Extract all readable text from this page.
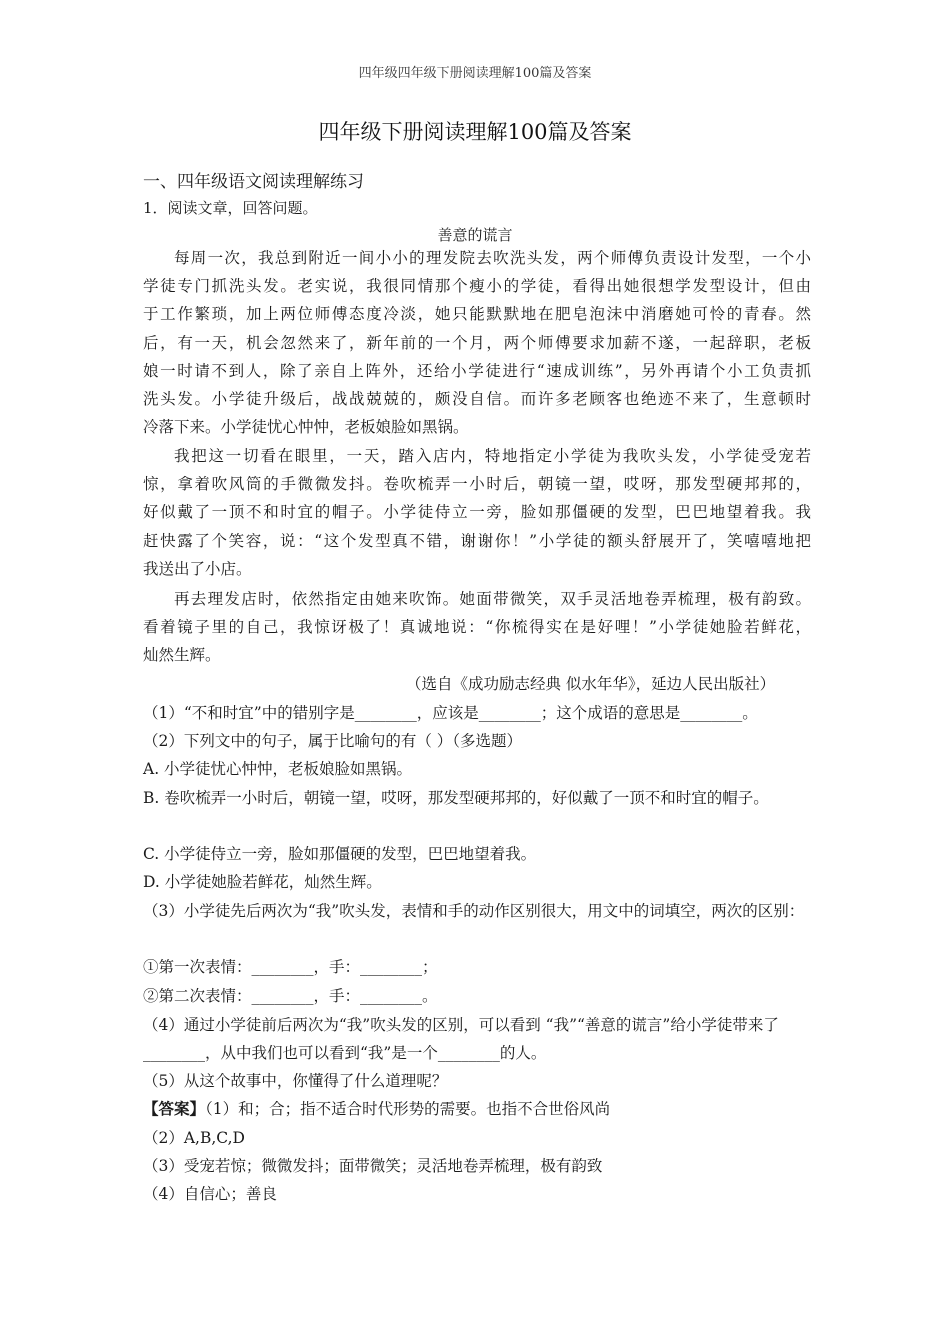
四年级四年级下册阅读理解100篇及答案
四年级下册阅读理解100篇及答案
一、四年级语文阅读理解练习
1．阅读文章，回答问题。
善意的谎言
每周一次，我总到附近一间小小的理发院去吹洗头发，两个师傅负责设计发型，一个小
学徒专门抓洗头发。老实说，我很同情那个瘦小的学徒，看得出她很想学发型设计，但由
于工作繁琐，加上两位师傅态度冷淡，她只能默默地在肥皂泡沫中消磨她可怜的青春。然
后，有一天，机会忽然来了，新年前的一个月，两个师傅要求加薪不遂，一起辞职，老板
娘一时请不到人，除了亲自上阵外，还给小学徒进行“速成训练”，另外再请个小工负责抓
洗头发。小学徒升级后，战战兢兢的，颇没自信。而许多老顾客也绝迹不来了，生意顿时
冷落下来。小学徒忧心忡忡，老板娘脸如黑锅。
我把这一切看在眼里，一天，踏入店内，特地指定小学徒为我吹头发，小学徒受宠若
惊，拿着吹风筒的手微微发抖。卷吹梳弄一小时后，朝镜一望，哎呀，那发型硬邦邦的，
好似戴了一顶不和时宜的帽子。小学徒侍立一旁，脸如那僵硬的发型，巴巴地望着我。我
赶快露了个笑容，说：“这个发型真不错，谢谢你！”小学徒的额头舒展开了，笑嘻嘻地把
我送出了小店。
再去理发店时，依然指定由她来吹饰。她面带微笑，双手灵活地卷弄梳理，极有韵致。
看着镜子里的自己，我惊讶极了！真诚地说：“你梳得实在是好哩！”小学徒她脸若鲜花，
灿然生辉。
（选自《成功励志经典 似水年华》，延边人民出版社）
（1）“不和时宜”中的错别字是________，应该是________；这个成语的意思是________。
（2）下列文中的句子，属于比喻句的有（ ）（多选题）
A. 小学徒忧心忡忡，老板娘脸如黑锅。
B. 卷吹梳弄一小时后，朝镜一望，哎呀，那发型硬邦邦的，好似戴了一顶不和时宜的帽子。
C. 小学徒侍立一旁，脸如那僵硬的发型，巴巴地望着我。
D. 小学徒她脸若鲜花，灿然生辉。
（3）小学徒先后两次为“我”吹头发，表情和手的动作区别很大，用文中的词填空，两次的区别：
①第一次表情：________，手：________；
②第二次表情：________，手：________。
（4）通过小学徒前后两次为“我”吹头发的区别，可以看到 “我”“善意的谎言”给小学徒带来了________，从中我们也可以看到“我”是一个________的人。
（5）从这个故事中，你懂得了什么道理呢？
【答案】（1）和；合；指不适合时代形势的需要。也指不合世俗风尚
（2）A,B,C,D
（3）受宠若惊；微微发抖；面带微笑；灵活地卷弄梳理，极有韵致
（4）自信心；善良
